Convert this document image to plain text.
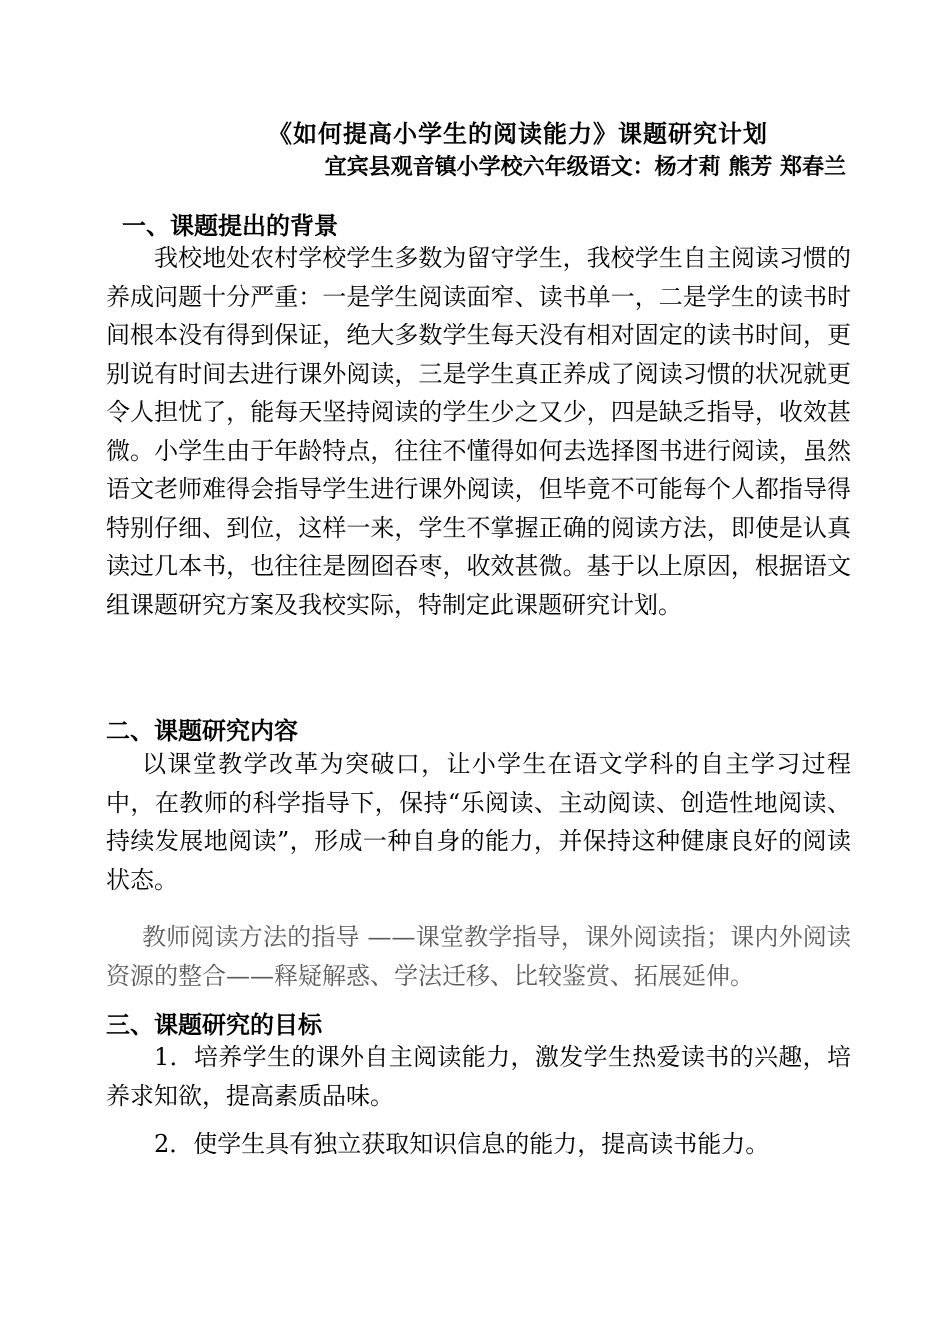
《如何提高小学生的阅读能力》课题研究计划
宜宾县观音镇小学校六年级语文：杨才莉 熊芳 郑春兰
一、课题提出的背景
我校地处农村学校学生多数为留守学生，我校学生自主阅读习惯的养成问题十分严重：一是学生阅读面窄、读书单一，二是学生的读书时间根本没有得到保证，绝大多数学生每天没有相对固定的读书时间，更别说有时间去进行课外阅读，三是学生真正养成了阅读习惯的状况就更令人担忧了，能每天坚持阅读的学生少之又少，四是缺乏指导，收效甚微。小学生由于年龄特点，往往不懂得如何去选择图书进行阅读，虽然语文老师难得会指导学生进行课外阅读，但毕竟不可能每个人都指导得特别仔细、到位，这样一来，学生不掌握正确的阅读方法，即使是认真读过几本书，也往往是囫囵吞枣，收效甚微。基于以上原因，根据语文组课题研究方案及我校实际，特制定此课题研究计划。
二、课题研究内容
以课堂教学改革为突破口，让小学生在语文学科的自主学习过程中，在教师的科学指导下，保持“乐阅读、主动阅读、创造性地阅读、持续发展地阅读”，形成一种自身的能力，并保持这种健康良好的阅读状态。
教师阅读方法的指导 ——课堂教学指导，课外阅读指；课内外阅读资源的整合——释疑解惑、学法迁移、比较鉴赏、拓展延伸。
三、课题研究的目标
1．培养学生的课外自主阅读能力，激发学生热爱读书的兴趣，培养求知欲，提高素质品味。
2．使学生具有独立获取知识信息的能力，提高读书能力。
